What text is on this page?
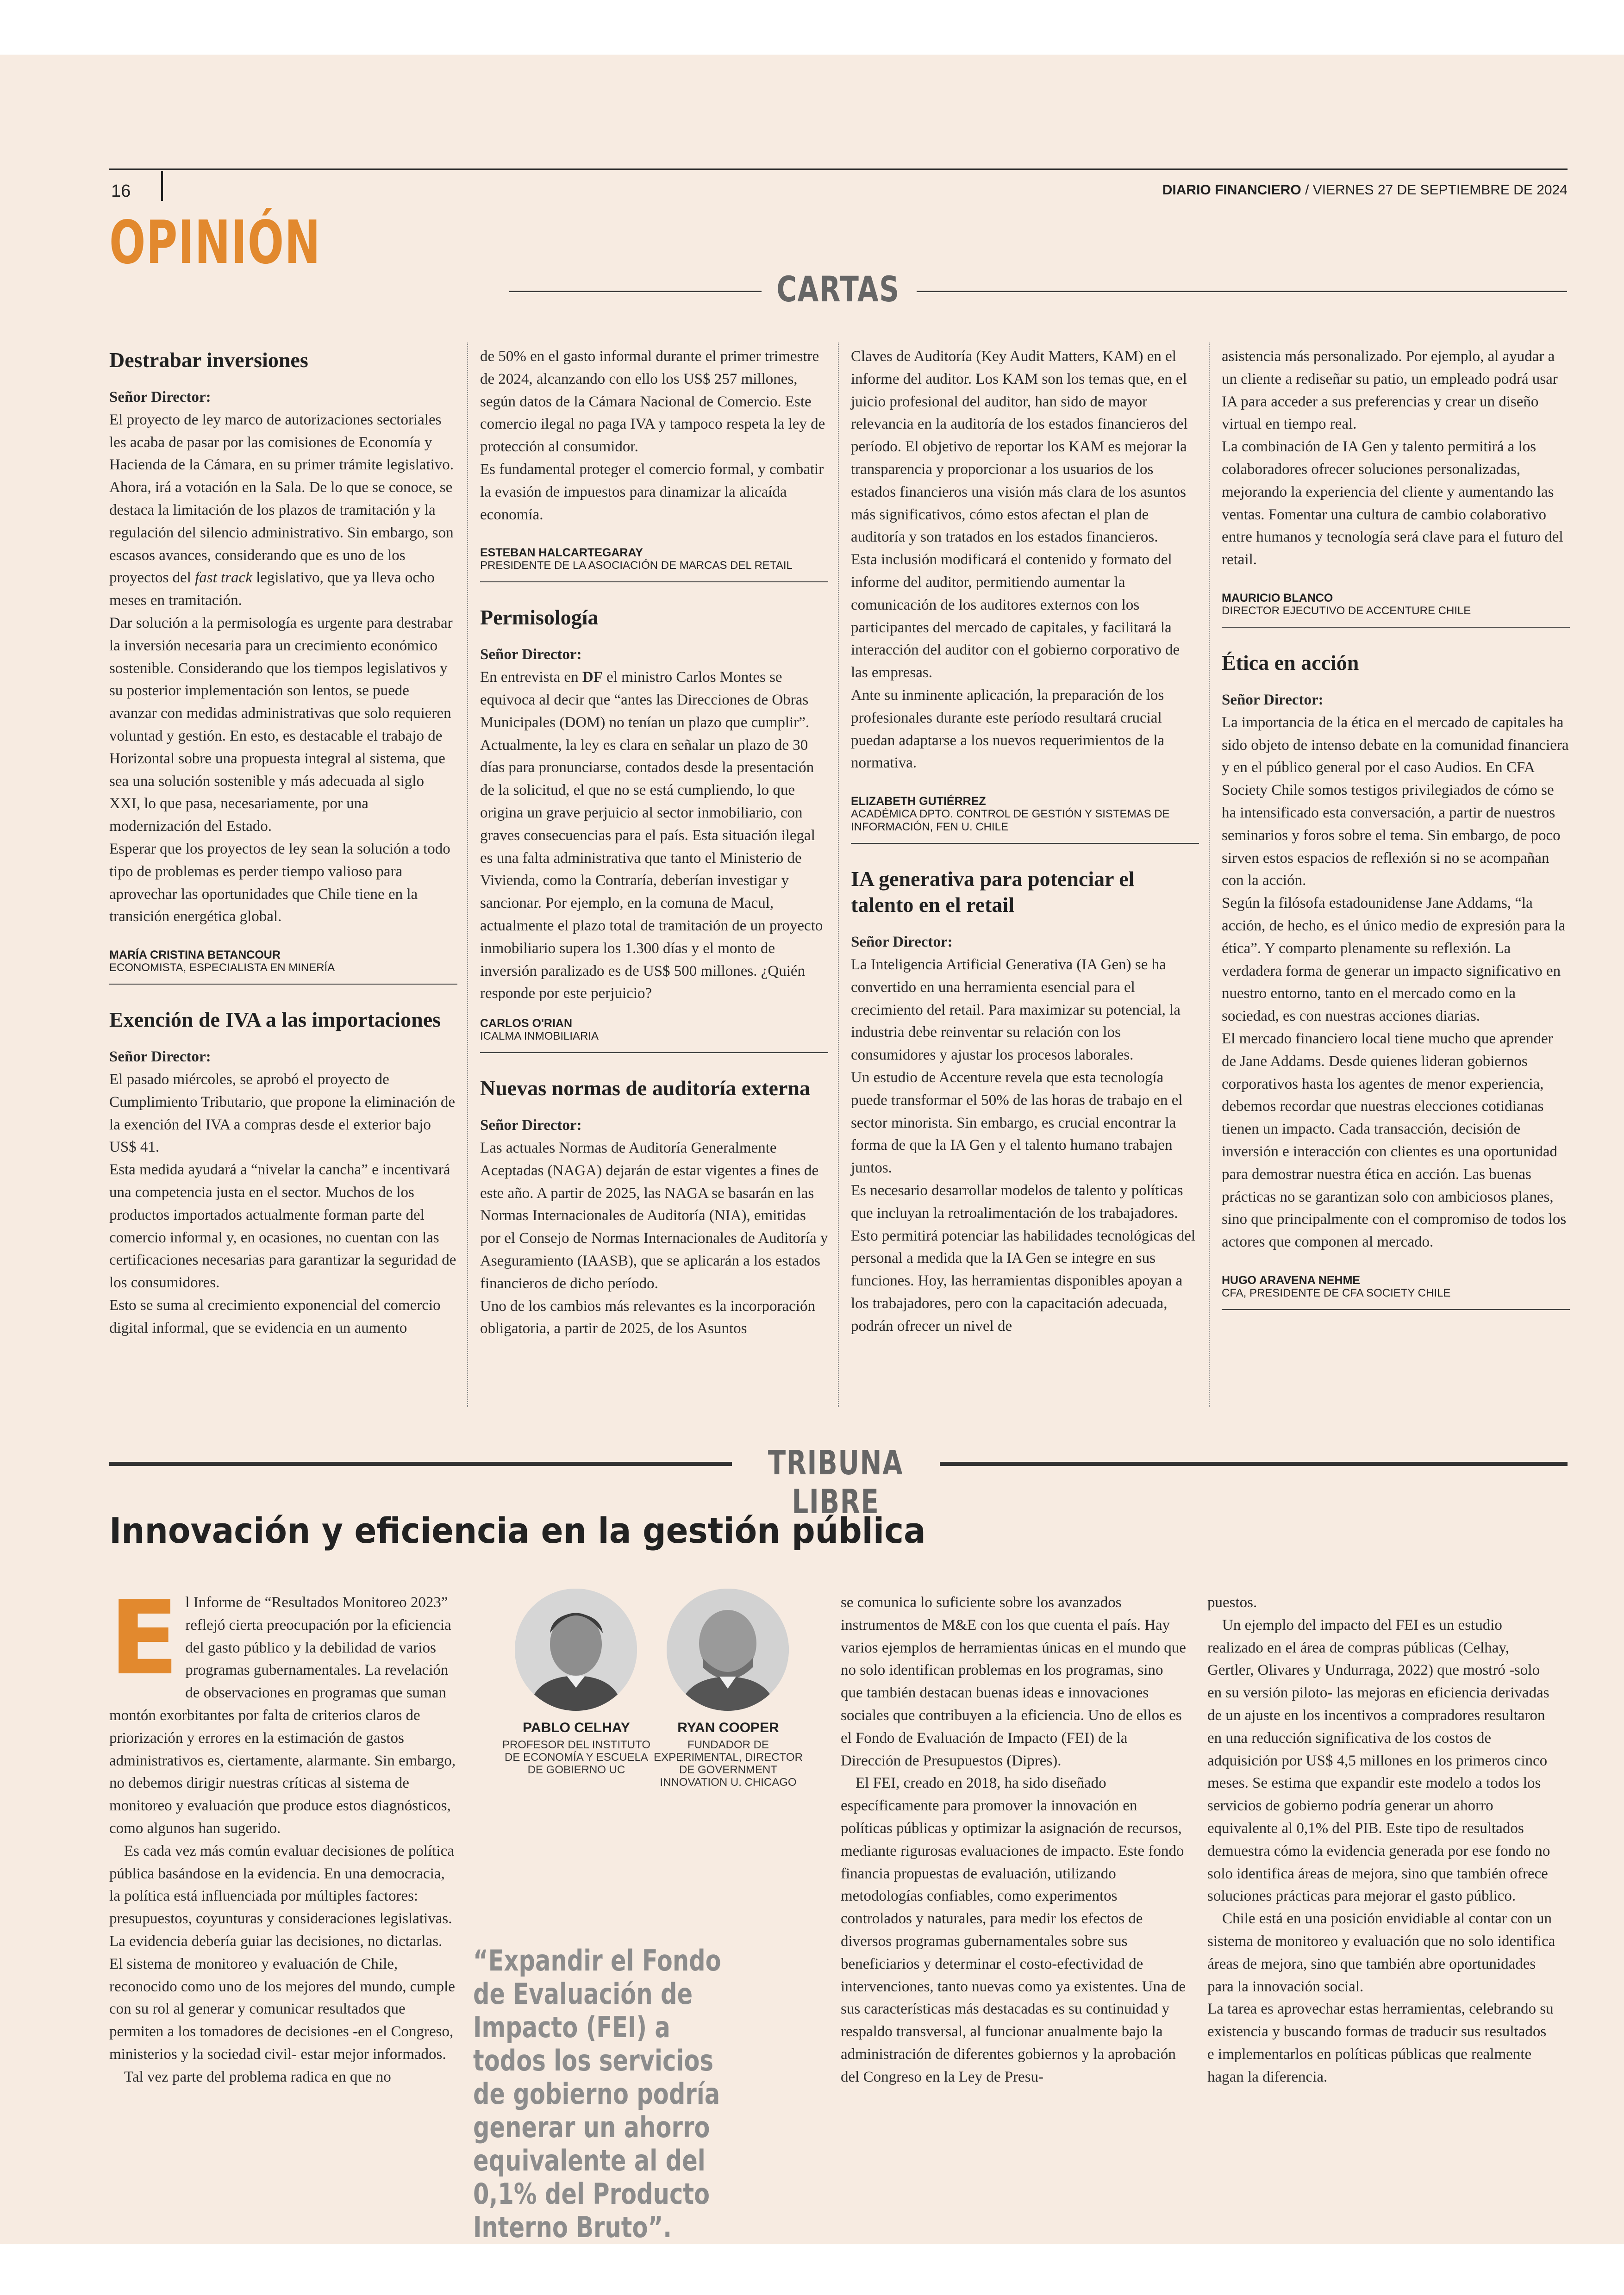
16	DIARIO FINANCIERO / VIERNES 27 DE SEPTIEMBRE DE 2024
OPINIÓN
CARTAS
Destrabar inversiones

Señor Director:

El proyecto de ley marco de autorizaciones sectoriales les acaba de pasar por las comisiones de Economía y Hacienda de la Cámara, en su primer trámite legislativo. Ahora, irá a votación en la Sala. De lo que se conoce, se destaca la limitación de los plazos de tramitación y la regulación del silencio administrativo. Sin embargo, son escasos avances, considerando que es uno de los proyectos del fast track legislativo, que ya lleva ocho meses en tramitación.

Dar solución a la permisología es urgente para destrabar la inversión necesaria para un crecimiento económico sostenible. Considerando que los tiempos legislativos y su posterior implementación son lentos, se puede avanzar con medidas administrativas que solo requieren voluntad y gestión. En esto, es destacable el trabajo de Horizontal sobre una propuesta integral al sistema, que sea una solución sostenible y más adecuada al siglo XXI, lo que pasa, necesariamente, por una modernización del Estado.

Esperar que los proyectos de ley sean la solución a todo tipo de problemas es perder tiempo valioso para aprovechar las oportunidades que Chile tiene en la transición energética global.

MARÍA CRISTINA BETANCOUR
ECONOMISTA, ESPECIALISTA EN MINERÍA
Exención de IVA a las importaciones

Señor Director:

El pasado miércoles, se aprobó el proyecto de Cumplimiento Tributario, que propone la eliminación de la exención del IVA a compras desde el exterior bajo US$ 41.

Esta medida ayudará a “nivelar la cancha” e incentivará una competencia justa en el sector. Muchos de los productos importados actualmente forman parte del comercio informal y, en ocasiones, no cuentan con las certificaciones necesarias para garantizar la seguridad de los consumidores.

Esto se suma al crecimiento exponencial del comercio digital informal, que se evidencia en un aumento

de 50% en el gasto informal durante el primer trimestre de 2024, alcanzando con ello los US$ 257 millones, según datos de la Cámara Nacional de Comercio. Este comercio ilegal no paga IVA y tampoco respeta la ley de protección al consumidor.

Es fundamental proteger el comercio formal, y combatir la evasión de impuestos para dinamizar la alicaída economía.

ESTEBAN HALCARTEGARAY
PRESIDENTE DE LA ASOCIACIÓN DE MARCAS DEL RETAIL
Permisología

Señor Director:

En entrevista en DF el ministro Carlos Montes se equivoca al decir que “antes las Direcciones de Obras Municipales (DOM) no tenían un plazo que cumplir”. Actualmente, la ley es clara en señalar un plazo de 30 días para pronunciarse, contados desde la presentación de la solicitud, el que no se está cumpliendo, lo que origina un grave perjuicio al sector inmobiliario, con graves consecuencias para el país. Esta situación ilegal es una falta administrativa que tanto el Ministerio de Vivienda, como la Contraría, deberían investigar y sancionar. Por ejemplo, en la comuna de Macul, actualmente el plazo total de tramitación de un proyecto inmobiliario supera los 1.300 días y el monto de inversión paralizado es de US$ 500 millones. ¿Quién responde por este perjuicio?

CARLOS O'RIAN
ICALMA INMOBILIARIA
Nuevas normas de auditoría externa

Señor Director:

Las actuales Normas de Auditoría Generalmente Aceptadas (NAGA) dejarán de estar vigentes a fines de este año. A partir de 2025, las NAGA se basarán en las Normas Internacionales de Auditoría (NIA), emitidas por el Consejo de Normas Internacionales de Auditoría y Aseguramiento (IAASB), que se aplicarán a los estados financieros de dicho período.

Uno de los cambios más relevantes es la incorporación obligatoria, a partir de 2025, de los Asuntos

Claves de Auditoría (Key Audit Matters, KAM) en el informe del auditor. Los KAM son los temas que, en el juicio profesional del auditor, han sido de mayor relevancia en la auditoría de los estados financieros del período. El objetivo de reportar los KAM es mejorar la transparencia y proporcionar a los usuarios de los estados financieros una visión más clara de los asuntos más significativos, cómo estos afectan el plan de auditoría y son tratados en los estados financieros.

Esta inclusión modificará el contenido y formato del informe del auditor, permitiendo aumentar la comunicación de los auditores externos con los participantes del mercado de capitales, y facilitará la interacción del auditor con el gobierno corporativo de las empresas.

Ante su inminente aplicación, la preparación de los profesionales durante este período resultará crucial puedan adaptarse a los nuevos requerimientos de la normativa.

ELIZABETH GUTIÉRREZ
ACADÉMICA DPTO. CONTROL DE GESTIÓN Y SISTEMAS DE INFORMACIÓN, FEN U. CHILE
IA generativa para potenciar el talento en el retail

Señor Director:

La Inteligencia Artificial Generativa (IA Gen) se ha convertido en una herramienta esencial para el crecimiento del retail. Para maximizar su potencial, la industria debe reinventar su relación con los consumidores y ajustar los procesos laborales.

Un estudio de Accenture revela que esta tecnología puede transformar el 50% de las horas de trabajo en el sector minorista. Sin embargo, es crucial encontrar la forma de que la IA Gen y el talento humano trabajen juntos.

Es necesario desarrollar modelos de talento y políticas que incluyan la retroalimentación de los trabajadores. Esto permitirá potenciar las habilidades tecnológicas del personal a medida que la IA Gen se integre en sus funciones. Hoy, las herramientas disponibles apoyan a los trabajadores, pero con la capacitación adecuada, podrán ofrecer un nivel de

asistencia más personalizado. Por ejemplo, al ayudar a un cliente a rediseñar su patio, un empleado podrá usar IA para acceder a sus preferencias y crear un diseño virtual en tiempo real.

La combinación de IA Gen y talento permitirá a los colaboradores ofrecer soluciones personalizadas, mejorando la experiencia del cliente y aumentando las ventas. Fomentar una cultura de cambio colaborativo entre humanos y tecnología será clave para el futuro del retail.

MAURICIO BLANCO
DIRECTOR EJECUTIVO DE ACCENTURE CHILE
Ética en acción

Señor Director:

La importancia de la ética en el mercado de capitales ha sido objeto de intenso debate en la comunidad financiera y en el público general por el caso Audios. En CFA Society Chile somos testigos privilegiados de cómo se ha intensificado esta conversación, a partir de nuestros seminarios y foros sobre el tema. Sin embargo, de poco sirven estos espacios de reflexión si no se acompañan con la acción.

Según la filósofa estadounidense Jane Addams, “la acción, de hecho, es el único medio de expresión para la ética”. Y comparto plenamente su reflexión. La verdadera forma de generar un impacto significativo en nuestro entorno, tanto en el mercado como en la sociedad, es con nuestras acciones diarias.

El mercado financiero local tiene mucho que aprender de Jane Addams. Desde quienes lideran gobiernos corporativos hasta los agentes de menor experiencia, debemos recordar que nuestras elecciones cotidianas tienen un impacto. Cada transacción, decisión de inversión e interacción con clientes es una oportunidad para demostrar nuestra ética en acción. Las buenas prácticas no se garantizan solo con ambiciosos planes, sino que principalmente con el compromiso de todos los actores que componen al mercado.

HUGO ARAVENA NEHME
CFA, PRESIDENTE DE CFA SOCIETY CHILE
TRIBUNA LIBRE
Innovación y eficiencia en la gestión pública

El Informe de “Resultados Monitoreo 2023” reflejó cierta preocupación por la eficiencia del gasto público y la debilidad de varios programas gubernamentales. La revelación de observaciones en programas que suman montón exorbitantes por falta de criterios claros de priorización y errores en la estimación de gastos administrativos es, ciertamente, alarmante. Sin embargo, no debemos dirigir nuestras críticas al sistema de monitoreo y evaluación que produce estos diagnósticos, como algunos han sugerido.

Es cada vez más común evaluar decisiones de política pública basándose en la evidencia. En una democracia, la política está influenciada por múltiples factores: presupuestos, coyunturas y consideraciones legislativas. La evidencia debería guiar las decisiones, no dictarlas. El sistema de monitoreo y evaluación de Chile, reconocido como uno de los mejores del mundo, cumple con su rol al generar y comunicar resultados que permiten a los tomadores de decisiones -en el Congreso, ministerios y la sociedad civil- estar mejor informados.

Tal vez parte del problema radica en que no

PABLO CELHAY
PROFESOR DEL INSTITUTO DE ECONOMÍA Y ESCUELA DE GOBIERNO UC
RYAN COOPER
FUNDADOR DE EXPERIMENTAL, DIRECTOR DE GOVERNMENT INNOVATION U. CHICAGO
“Expandir el Fondo de Evaluación de Impacto (FEI) a todos los servicios de gobierno podría generar un ahorro equivalente al del 0,1% del Producto Interno Bruto”.

se comunica lo suficiente sobre los avanzados instrumentos de M&E con los que cuenta el país. Hay varios ejemplos de herramientas únicas en el mundo que no solo identifican problemas en los programas, sino que también destacan buenas ideas e innovaciones sociales que contribuyen a la eficiencia. Uno de ellos es el Fondo de Evaluación de Impacto (FEI) de la Dirección de Presupuestos (Dipres).

El FEI, creado en 2018, ha sido diseñado específicamente para promover la innovación en políticas públicas y optimizar la asignación de recursos, mediante rigurosas evaluaciones de impacto. Este fondo financia propuestas de evaluación, utilizando metodologías confiables, como experimentos controlados y naturales, para medir los efectos de diversos programas gubernamentales sobre sus beneficiarios y determinar el costo-efectividad de intervenciones, tanto nuevas como ya existentes. Una de sus características más destacadas es su continuidad y respaldo transversal, al funcionar anualmente bajo la administración de diferentes gobiernos y la aprobación del Congreso en la Ley de Presu-

puestos.

Un ejemplo del impacto del FEI es un estudio realizado en el área de compras públicas (Celhay, Gertler, Olivares y Undurraga, 2022) que mostró -solo en su versión piloto- las mejoras en eficiencia derivadas de un ajuste en los incentivos a compradores resultaron en una reducción significativa de los costos de adquisición por US$ 4,5 millones en los primeros cinco meses. Se estima que expandir este modelo a todos los servicios de gobierno podría generar un ahorro equivalente al 0,1% del PIB. Este tipo de resultados demuestra cómo la evidencia generada por ese fondo no solo identifica áreas de mejora, sino que también ofrece soluciones prácticas para mejorar el gasto público.

Chile está en una posición envidiable al contar con un sistema de monitoreo y evaluación que no solo identifica áreas de mejora, sino que también abre oportunidades para la innovación social.

La tarea es aprovechar estas herramientas, celebrando su existencia y buscando formas de traducir sus resultados e implementarlos en políticas públicas que realmente hagan la diferencia.
